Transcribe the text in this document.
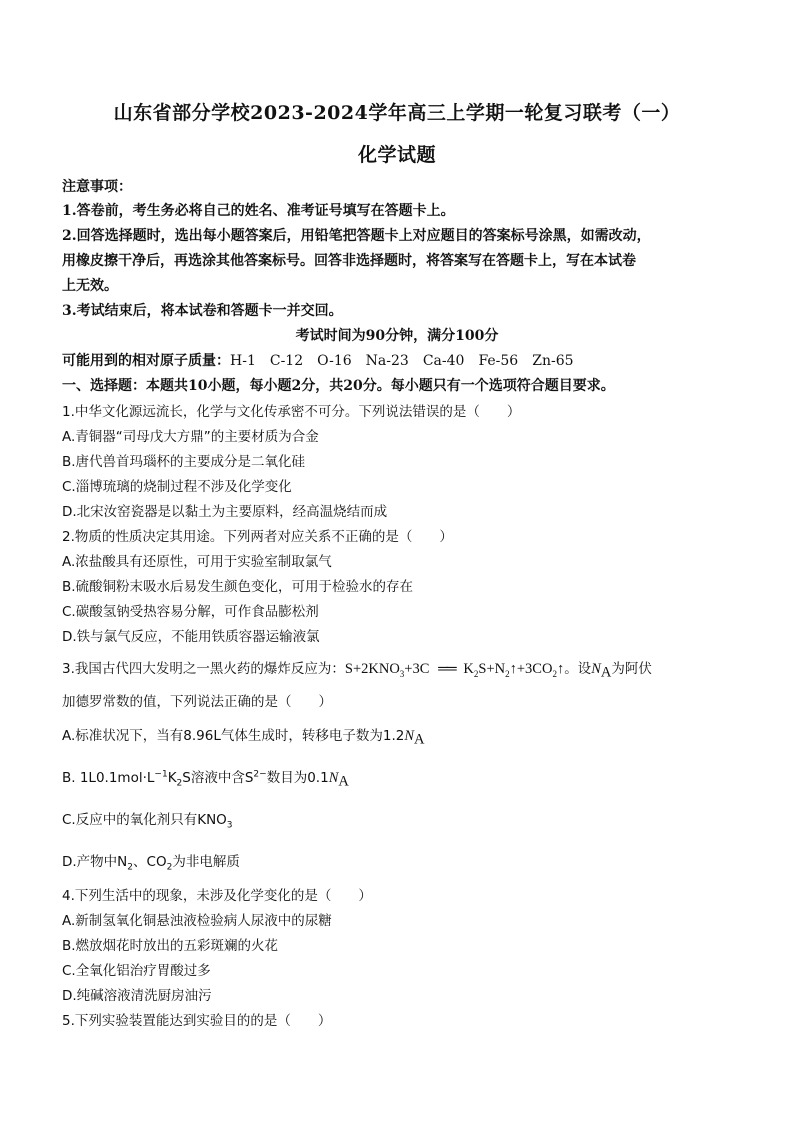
山东省部分学校2023-2024学年高三上学期一轮复习联考（一）
化学试题
注意事项：
1.答卷前，考生务必将自己的姓名、准考证号填写在答题卡上。
2.回答选择题时，选出每小题答案后，用铅笔把答题卡上对应题目的答案标号涂黑，如需改动，
用橡皮擦干净后，再选涂其他答案标号。回答非选择题时，将答案写在答题卡上，写在本试卷
上无效。
3.考试结束后，将本试卷和答题卡一并交回。
考试时间为90分钟，满分100分
可能用到的相对原子质量：H-1 C-12 O-16 Na-23 Ca-40 Fe-56 Zn-65
一、选择题：本题共10小题，每小题2分，共20分。每小题只有一个选项符合题目要求。
1.中华文化源远流长，化学与文化传承密不可分。下列说法错误的是（　　）
A.青铜器“司母戊大方鼎”的主要材质为合金
B.唐代兽首玛瑙杯的主要成分是二氧化硅
C.淄博琉璃的烧制过程不涉及化学变化
D.北宋汝窑瓷器是以黏土为主要原料，经高温烧结而成
2.物质的性质决定其用途。下列两者对应关系不正确的是（　　）
A.浓盐酸具有还原性，可用于实验室制取氯气
B.硫酸铜粉末吸水后易发生颜色变化，可用于检验水的存在
C.碳酸氢钠受热容易分解，可作食品膨松剂
D.铁与氯气反应，不能用铁质容器运输液氯
3.我国古代四大发明之一黑火药的爆炸反应为：$S+2KNO_3+3C$ ══ $K_2S+N_2↑+3CO_2↑$。设$N_A$为阿伏
加德罗常数的值，下列说法正确的是（　　）
A.标准状况下，当有8.96L气体生成时，转移电子数为$1.2N_A$
B. $1L0.1mol\cdot L^{-1}K_2S$溶液中含$S^{2-}$数目为$0.1N_A$
C.反应中的氧化剂只有$KNO_3$
D.产物中$N_2$、$CO_2$为非电解质
4.下列生活中的现象，未涉及化学变化的是（　　）
A.新制氢氧化铜悬浊液检验病人尿液中的尿糖
B.燃放烟花时放出的五彩斑斓的火花
C.全氧化铝治疗胃酸过多
D.纯碱溶液清洗厨房油污
5.下列实验装置能达到实验目的的是（　　）
